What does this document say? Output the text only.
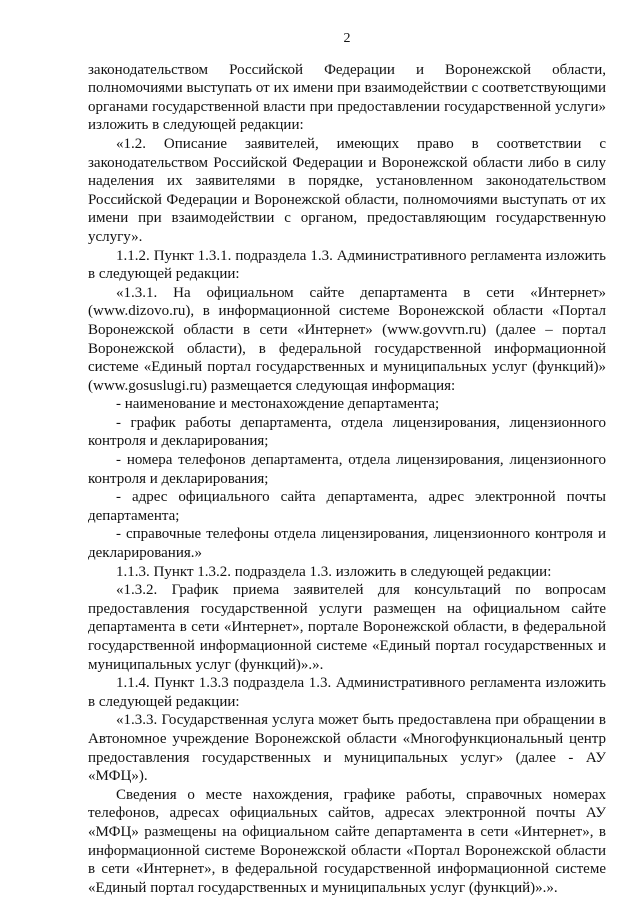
2

законодательством Российской Федерации и Воронежской области, полномочиями выступать от их имени при взаимодействии с соответствующими органами государственной власти при предоставлении государственной услуги» изложить в следующей редакции:

«1.2. Описание заявителей, имеющих право в соответствии с законодательством Российской Федерации и Воронежской области либо в силу наделения их заявителями в порядке, установленном законодательством Российской Федерации и Воронежской области, полномочиями выступать от их имени при взаимодействии с органом, предоставляющим государственную услугу».

1.1.2. Пункт 1.3.1. подраздела 1.3. Административного регламента изложить в следующей редакции:

«1.3.1. На официальном сайте департамента в сети «Интернет» (www.dizovo.ru), в информационной системе Воронежской области «Портал Воронежской области в сети «Интернет» (www.govvrn.ru) (далее – портал Воронежской области), в федеральной государственной информационной системе «Единый портал государственных и муниципальных услуг (функций)» (www.gosuslugi.ru) размещается следующая информация:

- наименование и местонахождение департамента;

- график работы департамента, отдела лицензирования, лицензионного контроля и декларирования;

- номера телефонов департамента, отдела лицензирования, лицензионного контроля и декларирования;

- адрес официального сайта департамента, адрес электронной почты департамента;

- справочные телефоны отдела лицензирования, лицензионного контроля и декларирования.»

1.1.3. Пункт 1.3.2. подраздела 1.3. изложить в следующей редакции:

«1.3.2. График приема заявителей для консультаций по вопросам предоставления государственной услуги размещен на официальном сайте департамента в сети «Интернет», портале Воронежской области, в федеральной государственной информационной системе «Единый портал государственных и муниципальных услуг (функций)».».

1.1.4. Пункт 1.3.3 подраздела 1.3. Административного регламента изложить в следующей редакции:

«1.3.3. Государственная услуга может быть предоставлена при обращении в Автономное учреждение Воронежской области «Многофункциональный центр предоставления государственных и муниципальных услуг» (далее - АУ «МФЦ»).

Сведения о месте нахождения, графике работы, справочных номерах телефонов, адресах официальных сайтов, адресах электронной почты АУ «МФЦ» размещены на официальном сайте департамента в сети «Интернет», в информационной системе Воронежской области «Портал Воронежской области в сети «Интернет», в федеральной государственной информационной системе «Единый портал государственных и муниципальных услуг (функций)».».
